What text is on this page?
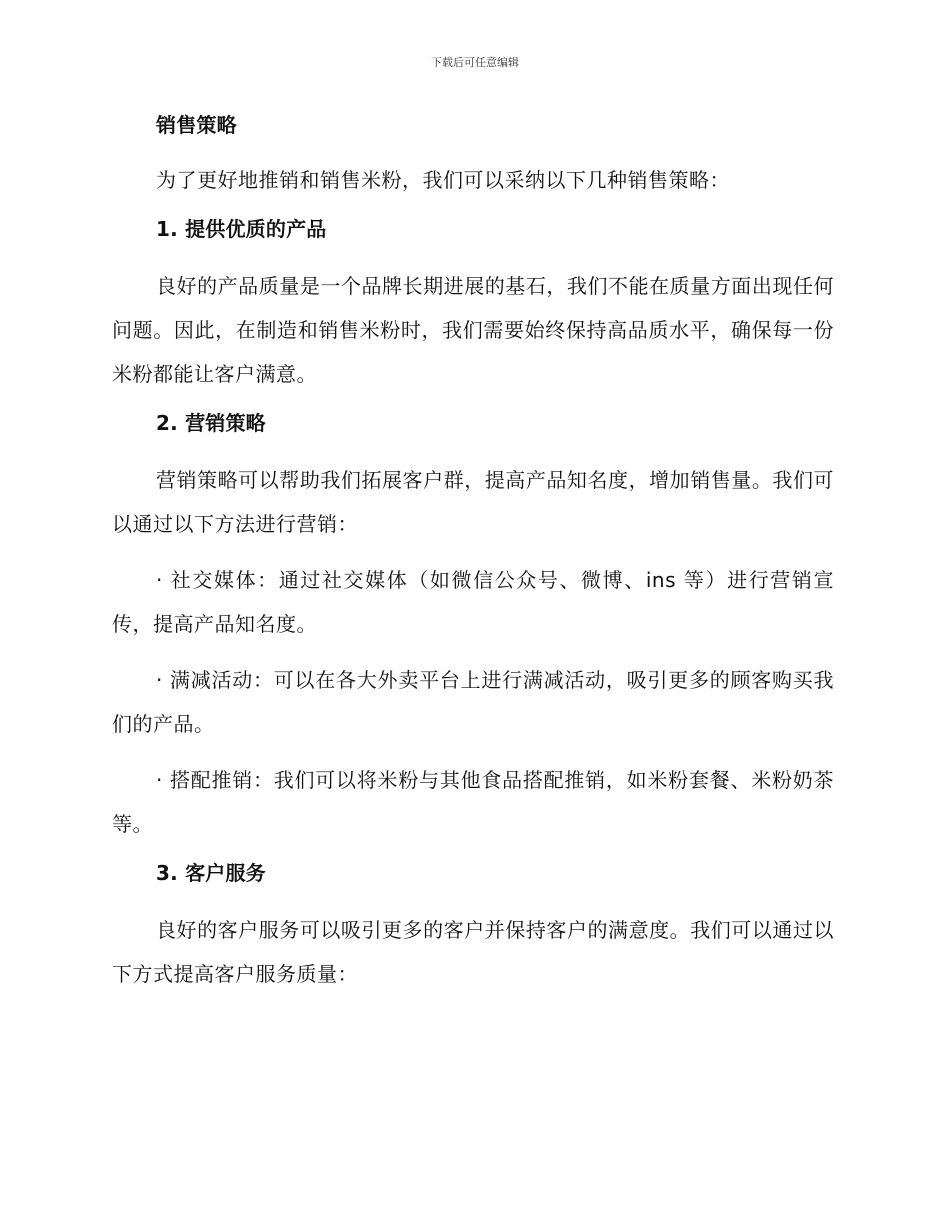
下载后可任意编辑

销售策略

为了更好地推销和销售米粉，我们可以采纳以下几种销售策略：

1. 提供优质的产品

良好的产品质量是一个品牌长期进展的基石，我们不能在质量方面出现任何问题。因此，在制造和销售米粉时，我们需要始终保持高品质水平，确保每一份米粉都能让客户满意。

2. 营销策略

营销策略可以帮助我们拓展客户群，提高产品知名度，增加销售量。我们可以通过以下方法进行营销：

· 社交媒体：通过社交媒体（如微信公众号、微博、ins 等）进行营销宣传，提高产品知名度。

· 满减活动：可以在各大外卖平台上进行满减活动，吸引更多的顾客购买我们的产品。

· 搭配推销：我们可以将米粉与其他食品搭配推销，如米粉套餐、米粉奶茶等。

3. 客户服务

良好的客户服务可以吸引更多的客户并保持客户的满意度。我们可以通过以下方式提高客户服务质量：
